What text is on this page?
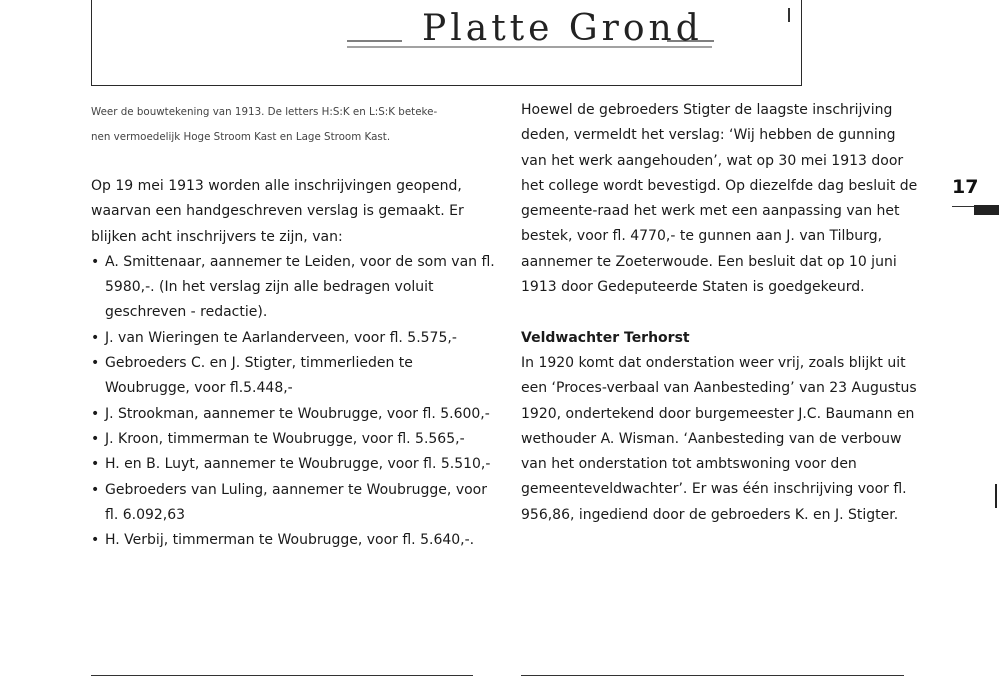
Platte Grond
Weer de bouwtekening van 1913. De letters H:S:K en L:S:K beteke-
nen vermoedelijk Hoge Stroom Kast en Lage Stroom Kast.

Op 19 mei 1913 worden alle inschrijvingen geopend, waarvan een handgeschreven verslag is gemaakt. Er blijken acht inschrijvers te zijn, van:

• A. Smittenaar, aannemer te Leiden, voor de som van fl. 5980,-. (In het verslag zijn alle bedragen voluit geschreven - redactie).
• J. van Wieringen te Aarlanderveen, voor fl. 5.575,-
• Gebroeders C. en J. Stigter, timmerlieden te Woubrugge, voor fl.5.448,-
• J. Strookman, aannemer te Woubrugge, voor fl. 5.600,-
• J. Kroon, timmerman te Woubrugge, voor fl. 5.565,-
• H. en B. Luyt, aannemer te Woubrugge, voor fl. 5.510,-
• Gebroeders van Luling, aannemer te Woubrugge, voor fl. 6.092,63
• H. Verbij, timmerman te Woubrugge, voor fl. 5.640,-.

Hoewel de gebroeders Stigter de laagste inschrijving deden, vermeldt het verslag: ‘Wij hebben de gunning van het werk aangehouden’, wat op 30 mei 1913 door het college wordt bevestigd. Op diezelfde dag besluit de gemeente-raad het werk met een aanpassing van het bestek, voor fl. 4770,- te gunnen aan J. van Tilburg, aannemer te Zoeterwoude. Een besluit dat op 10 juni 1913 door Gedeputeerde Staten is goedgekeurd.

Veldwachter Terhorst

In 1920 komt dat onderstation weer vrij, zoals blijkt uit een ‘Proces-verbaal van Aanbesteding’ van 23 Augustus 1920, ondertekend door burgemeester J.C. Baumann en wethouder A. Wisman. ‘Aanbesteding van de verbouw van het onderstation tot ambtswoning voor den gemeenteveldwachter’. Er was één inschrijving voor fl. 956,86, ingediend door de gebroeders K. en J. Stigter.

17
